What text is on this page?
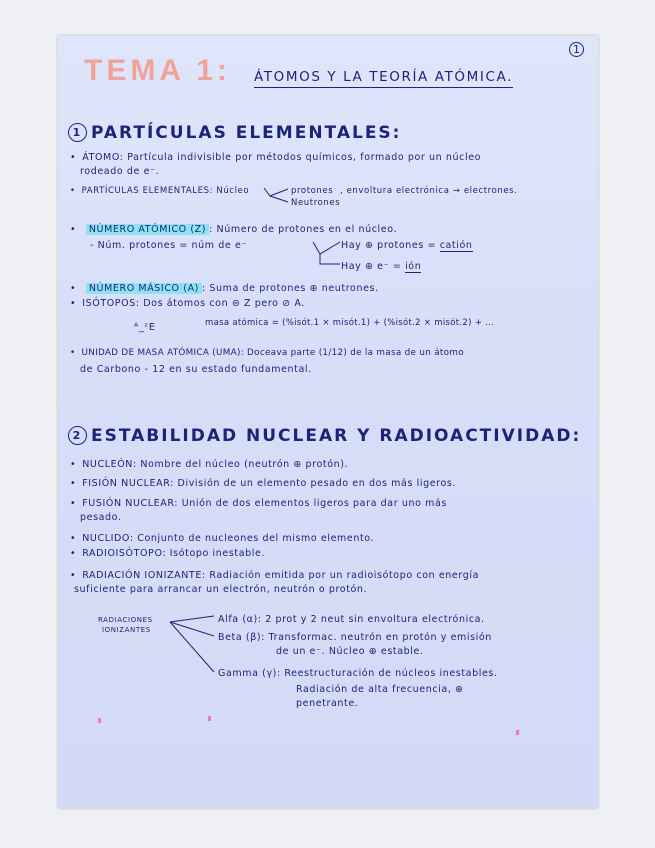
1
TEMA 1: ÁTOMOS Y LA TEORÍA ATÓMICA.
1 PARTÍCULAS ELEMENTALES:
• ÁTOMO: Partícula indivisible por métodos químicos, formado por un núcleo
rodeado de e⁻.
• PARTÍCULAS ELEMENTALES: Núcleo	protones
Neutrones
, envoltura electrónica → electrones.
• NÚMERO ATÓMICO (Z) : Número de protones en el núcleo.
- Núm. protones = núm de e⁻	Hay ⊕ protones = catión
Hay ⊕ e⁻ = ión
• NÚMERO MÁSICO (A) : Suma de protones ⊕ neutrones.
• ISÓTOPOS: Dos átomos con ⊜ Z pero ⊘ A.
ᴬ_ᶻE	masa atómica = (%isót.1 × misót.1) + (%isót.2 × misót.2) + ...
• UNIDAD DE MASA ATÓMICA (UMA): Doceava parte (1/12) de la masa de un átomo
de Carbono - 12 en su estado fundamental.
2 ESTABILIDAD NUCLEAR Y RADIOACTIVIDAD:
• NUCLEÓN: Nombre del núcleo (neutrón ⊕ protón).
• FISIÓN NUCLEAR: División de un elemento pesado en dos más ligeros.
• FUSIÓN NUCLEAR: Unión de dos elementos ligeros para dar uno más
pesado.
• NUCLIDO: Conjunto de nucleones del mismo elemento.
• RADIOISÓTOPO: Isótopo inestable.
• RADIACIÓN IONIZANTE: Radiación emitida por un radioisótopo con energía
suficiente para arrancar un electrón, neutrón o protón.
RADIACIONES
IONIZANTES
Alfa (α): 2 prot y 2 neut sin envoltura electrónica.
Beta (β): Transformac. neutrón en protón y emisión
de un e⁻. Núcleo ⊕ estable.
Gamma (γ): Reestructuración de núcleos inestables.
Radiación de alta frecuencia, ⊕
penetrante.
